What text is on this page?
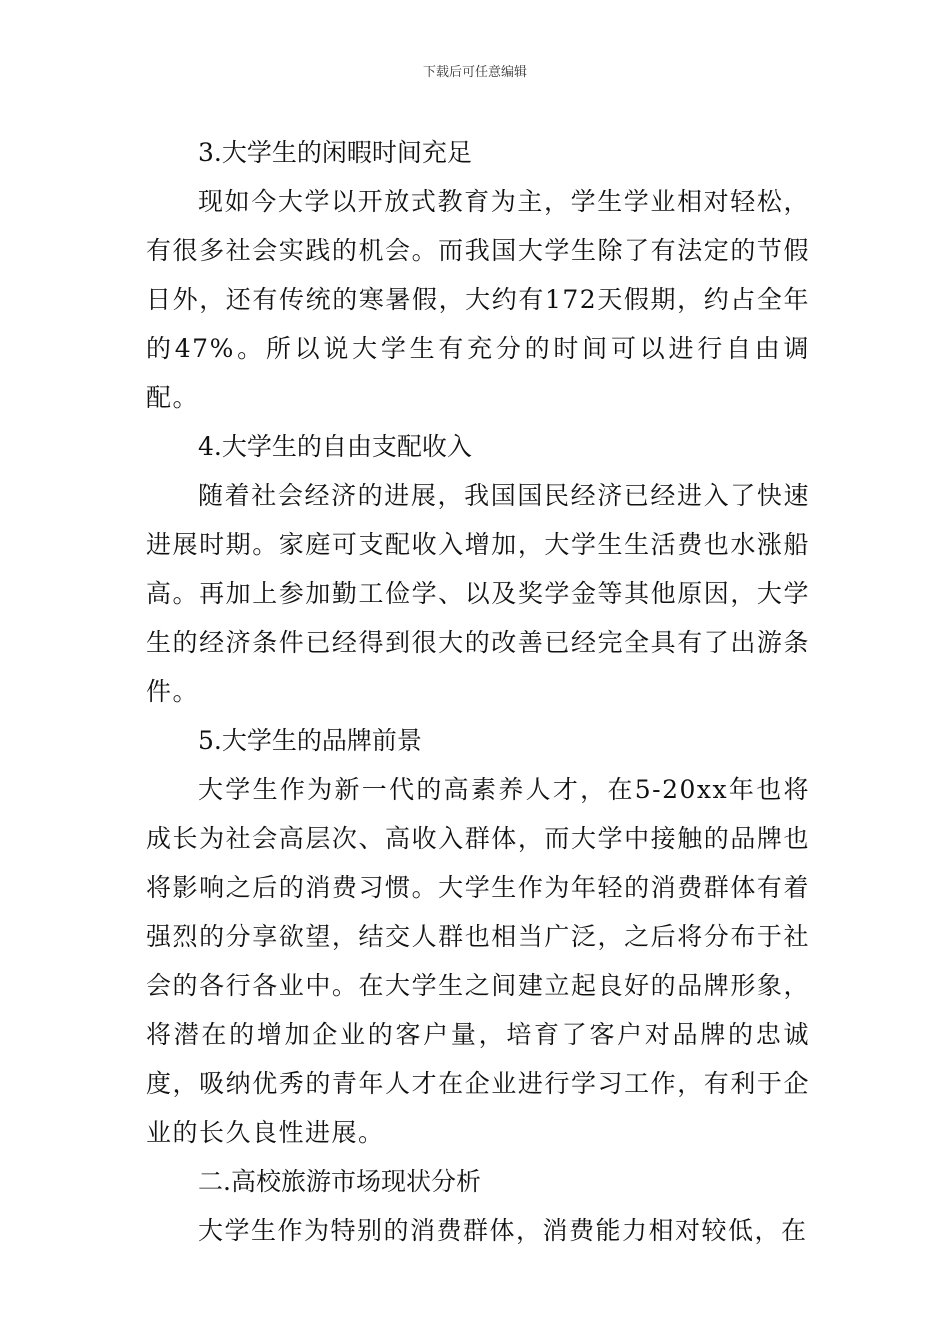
下载后可任意编辑

3.大学生的闲暇时间充足

现如今大学以开放式教育为主，学生学业相对轻松，有很多社会实践的机会。而我国大学生除了有法定的节假日外，还有传统的寒暑假，大约有172天假期，约占全年的47%。所以说大学生有充分的时间可以进行自由调配。

4.大学生的自由支配收入

随着社会经济的进展，我国国民经济已经进入了快速进展时期。家庭可支配收入增加，大学生生活费也水涨船高。再加上参加勤工俭学、以及奖学金等其他原因，大学生的经济条件已经得到很大的改善已经完全具有了出游条件。

5.大学生的品牌前景

大学生作为新一代的高素养人才，在5-20xx年也将成长为社会高层次、高收入群体，而大学中接触的品牌也将影响之后的消费习惯。大学生作为年轻的消费群体有着强烈的分享欲望，结交人群也相当广泛，之后将分布于社会的各行各业中。在大学生之间建立起良好的品牌形象，将潜在的增加企业的客户量，培育了客户对品牌的忠诚度，吸纳优秀的青年人才在企业进行学习工作，有利于企业的长久良性进展。

二.高校旅游市场现状分析

大学生作为特别的消费群体，消费能力相对较低，在
